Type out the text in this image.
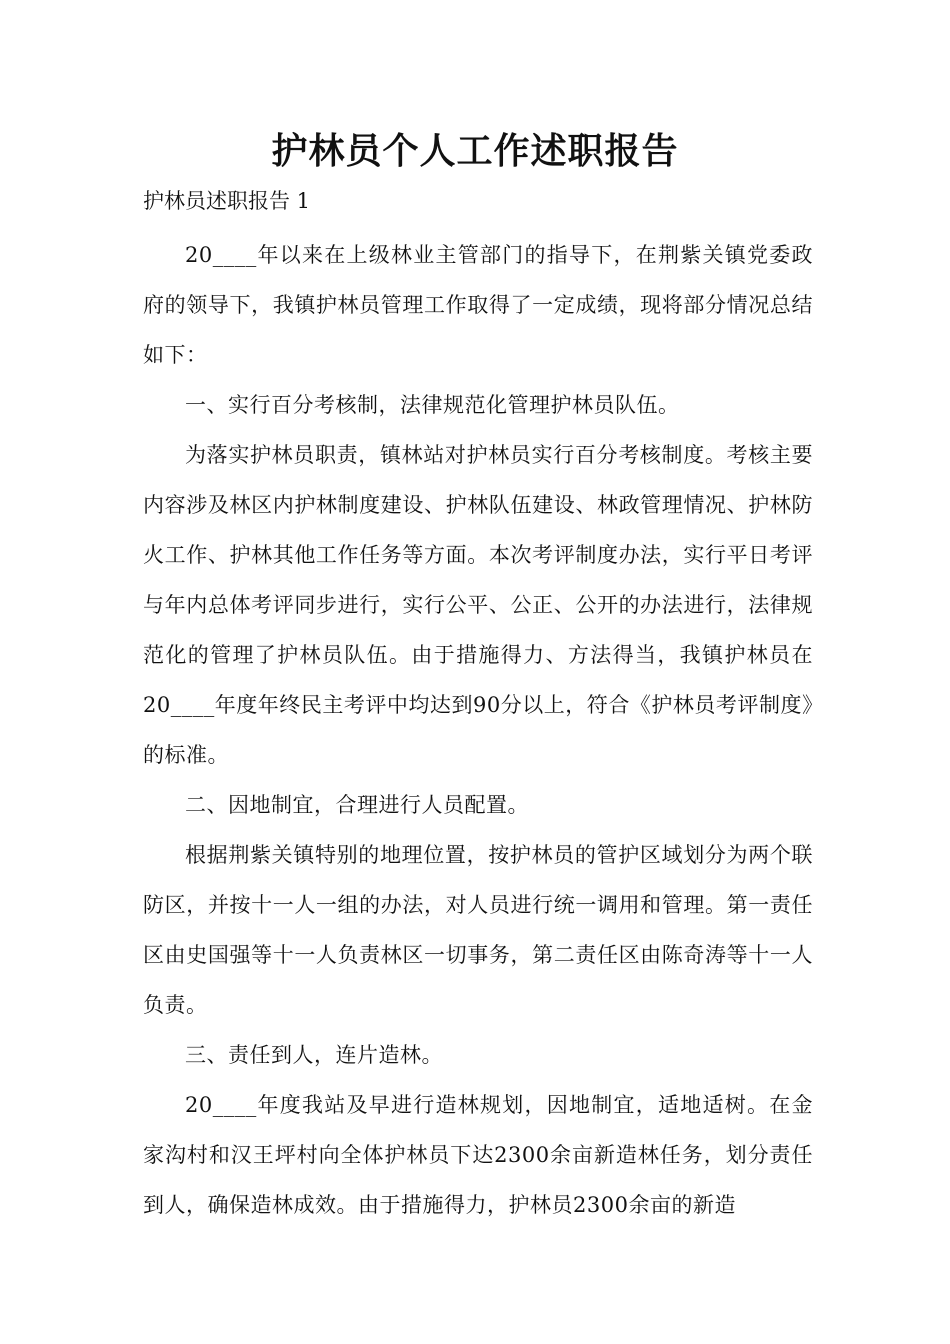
护林员个人工作述职报告
护林员述职报告 1

20____年以来在上级林业主管部门的指导下，在荆紫关镇党委政府的领导下，我镇护林员管理工作取得了一定成绩，现将部分情况总结如下：

一、实行百分考核制，法律规范化管理护林员队伍。

为落实护林员职责，镇林站对护林员实行百分考核制度。考核主要内容涉及林区内护林制度建设、护林队伍建设、林政管理情况、护林防火工作、护林其他工作任务等方面。本次考评制度办法，实行平日考评与年内总体考评同步进行，实行公平、公正、公开的办法进行，法律规范化的管理了护林员队伍。由于措施得力、方法得当，我镇护林员在20____年度年终民主考评中均达到90分以上，符合《护林员考评制度》的标准。

二、因地制宜，合理进行人员配置。

根据荆紫关镇特别的地理位置，按护林员的管护区域划分为两个联防区，并按十一人一组的办法，对人员进行统一调用和管理。第一责任区由史国强等十一人负责林区一切事务，第二责任区由陈奇涛等十一人负责。

三、责任到人，连片造林。

20____年度我站及早进行造林规划，因地制宜，适地适树。在金家沟村和汉王坪村向全体护林员下达2300余亩新造林任务，划分责任到人，确保造林成效。由于措施得力，护林员2300余亩的新造
